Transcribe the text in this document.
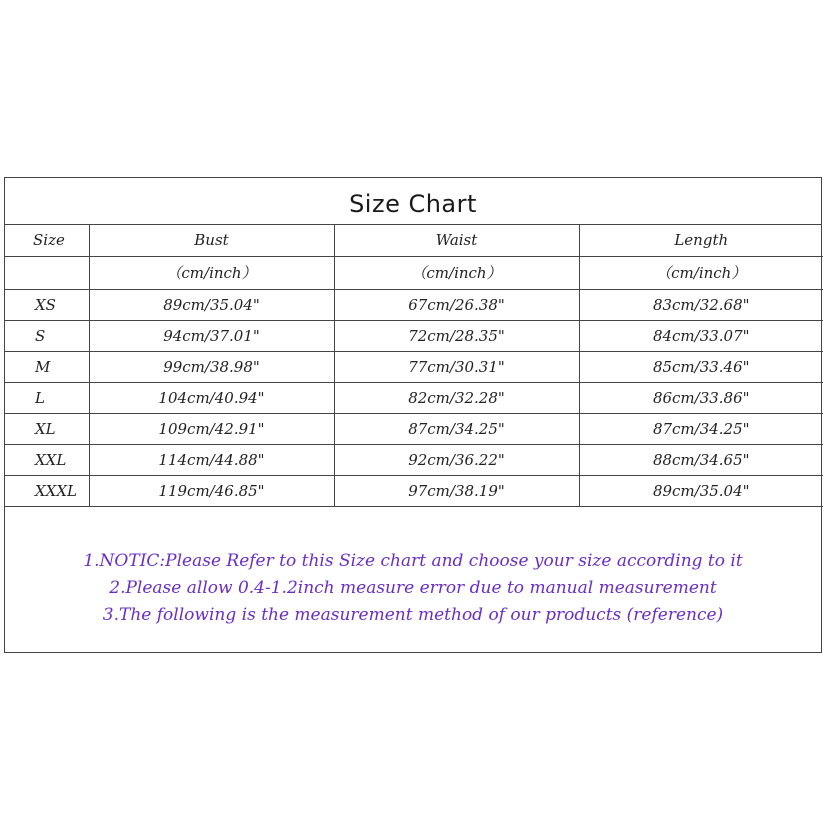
Size Chart
Size	Bust	Waist	Length
	（cm/inch）	（cm/inch）	（cm/inch）
XS	89cm/35.04"	67cm/26.38"	83cm/32.68"
S	94cm/37.01"	72cm/28.35"	84cm/33.07"
M	99cm/38.98"	77cm/30.31"	85cm/33.46"
L	104cm/40.94"	82cm/32.28"	86cm/33.86"
XL	109cm/42.91"	87cm/34.25"	87cm/34.25"
XXL	114cm/44.88"	92cm/36.22"	88cm/34.65"
XXXL	119cm/46.85"	97cm/38.19"	89cm/35.04"
1.NOTIC:Please Refer to this Size chart and choose your size according to it
2.Please allow 0.4-1.2inch measure error due to manual measurement
3.The following is the measurement method of our products (reference)
